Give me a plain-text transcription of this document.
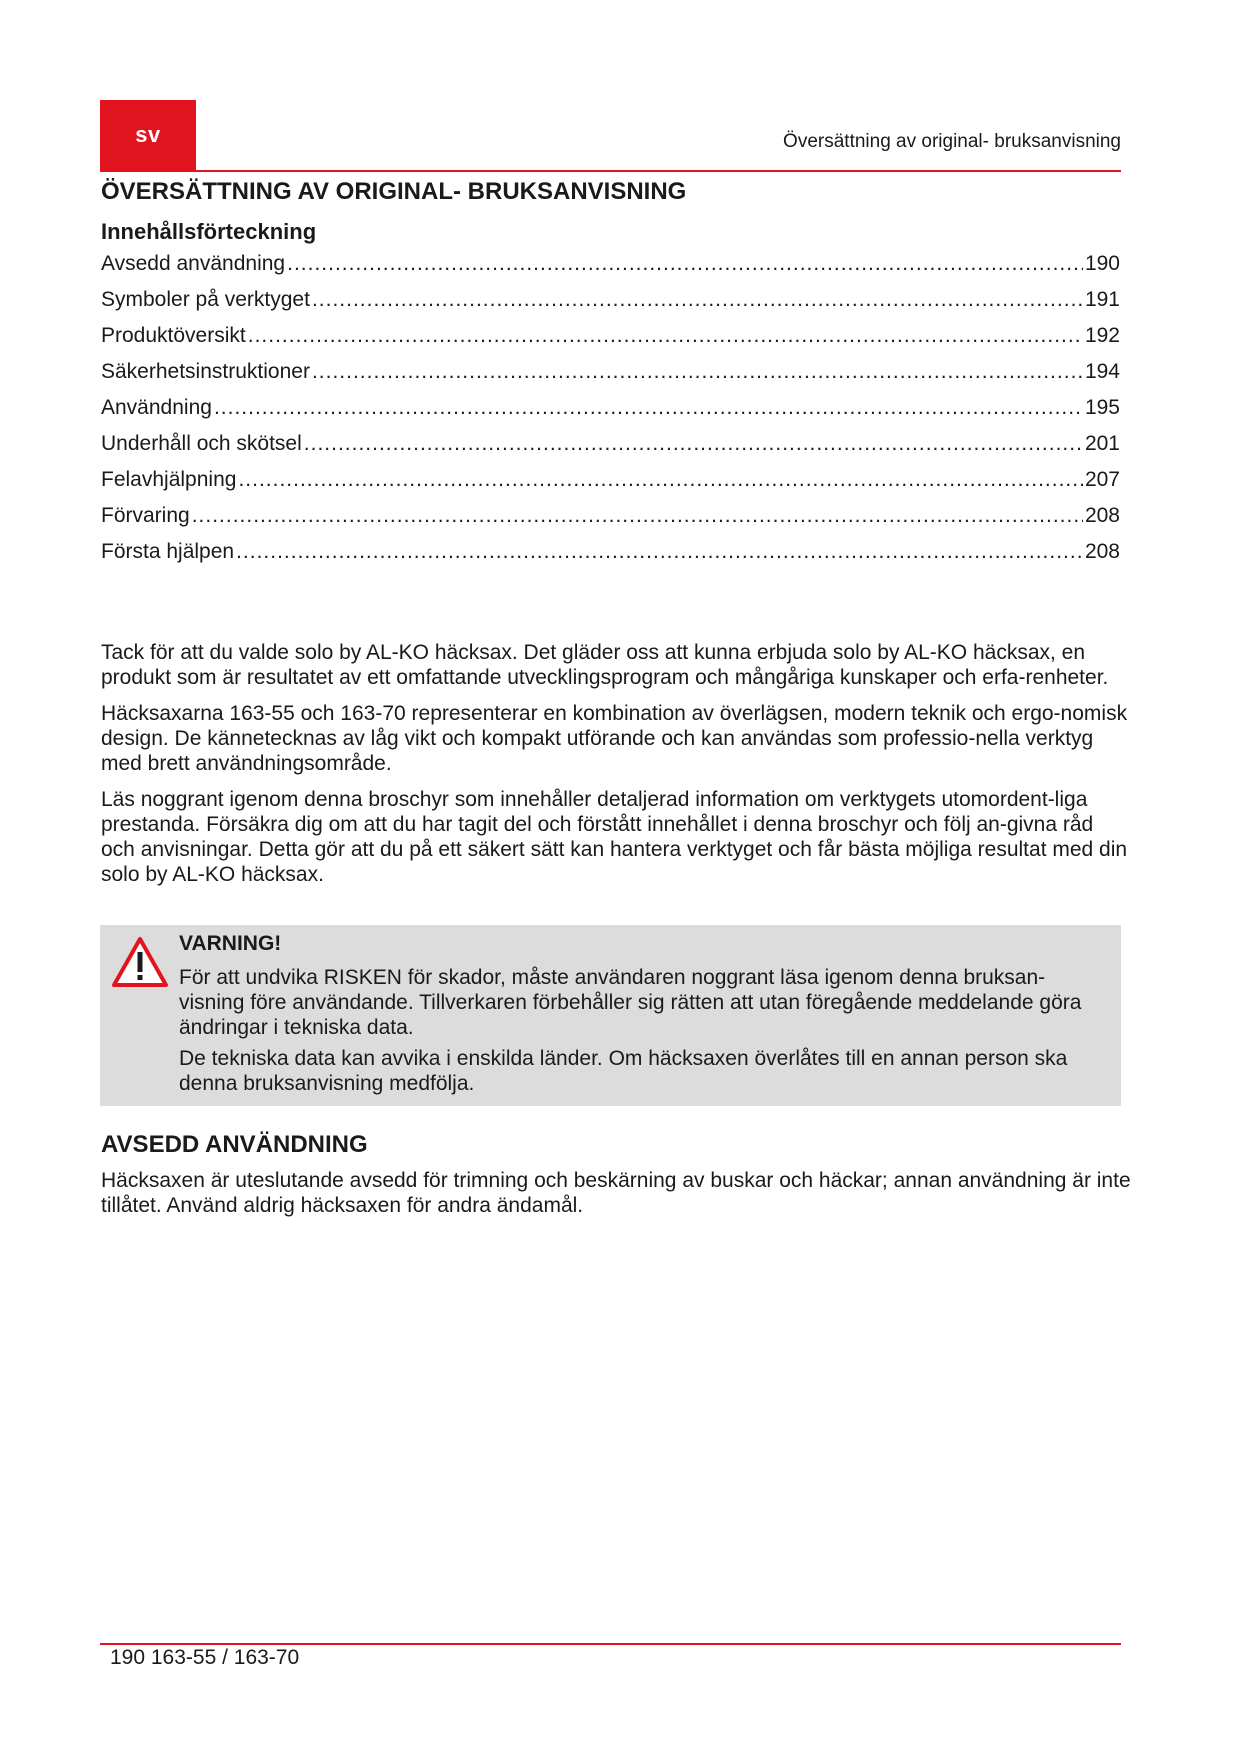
sv	Översättning av original- bruksanvisning
ÖVERSÄTTNING AV ORIGINAL- BRUKSANVISNING
Innehållsförteckning
Avsedd användning .....	190
Symboler på verktyget .....	191
Produktöversikt .....	192
Säkerhetsinstruktioner .....	194
Användning .....	195
Underhåll och skötsel .....	201
Felavhjälpning .....	207
Förvaring .....	208
Första hjälpen .....	208

Tack för att du valde solo by AL-KO häcksax. Det gläder oss att kunna erbjuda solo by AL-KO häcksax, en produkt som är resultatet av ett omfattande utvecklingsprogram och mångåriga kunskaper och erfa-renheter.

Häcksaxarna 163-55 och 163-70 representerar en kombination av överlägsen, modern teknik och ergo-nomisk design. De kännetecknas av låg vikt och kompakt utförande och kan användas som professio-nella verktyg med brett användningsområde.

Läs noggrant igenom denna broschyr som innehåller detaljerad information om verktygets utomordent-liga prestanda. Försäkra dig om att du har tagit del och förstått innehållet i denna broschyr och följ an-givna råd och anvisningar. Detta gör att du på ett säkert sätt kan hantera verktyget och får bästa möjliga resultat med din solo by AL-KO häcksax.

VARNING!

För att undvika RISKEN för skador, måste användaren noggrant läsa igenom denna bruksan-visning före användande. Tillverkaren förbehåller sig rätten att utan föregående meddelande göra ändringar i tekniska data.

De tekniska data kan avvika i enskilda länder. Om häcksaxen överlåtes till en annan person ska denna bruksanvisning medfölja.

AVSEDD ANVÄNDNING

Häcksaxen är uteslutande avsedd för trimning och beskärning av buskar och häckar; annan användning är inte tillåtet. Använd aldrig häcksaxen för andra ändamål.

190 163-55 / 163-70
